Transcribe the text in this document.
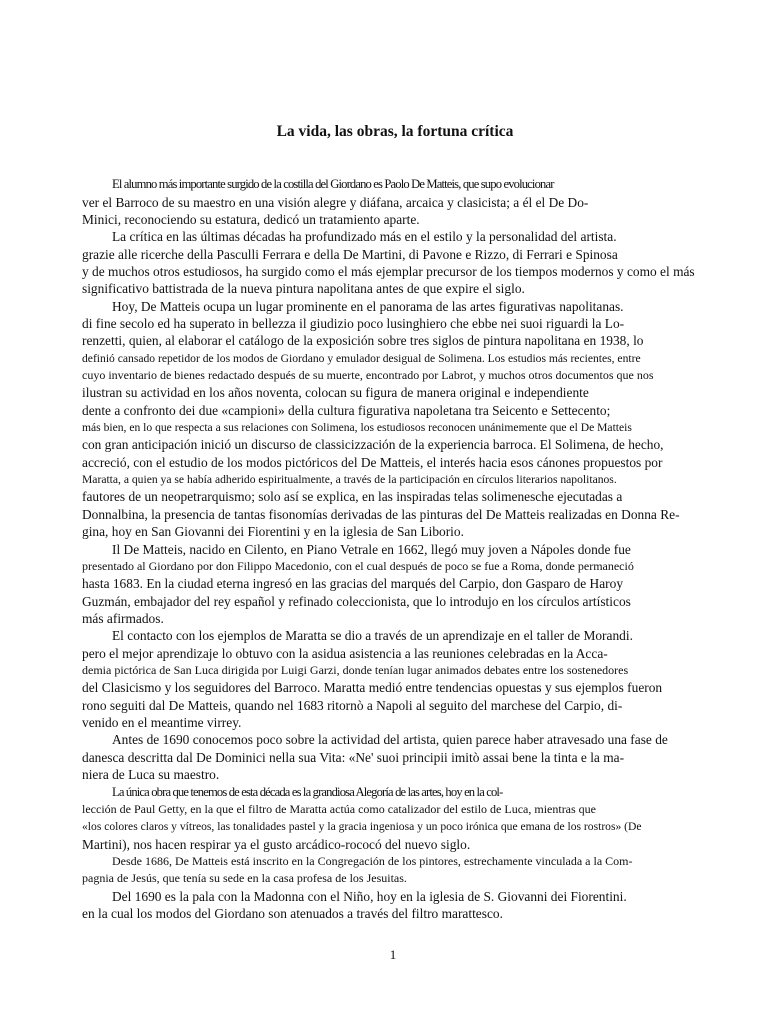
La vida, las obras, la fortuna crítica
El alumno más importante surgido de la costilla del Giordano es Paolo De Matteis, que supo evolucionar
ver el Barroco de su maestro en una visión alegre y diáfana, arcaica y clasicista; a él el De Do-
Minici, reconociendo su estatura, dedicó un tratamiento aparte.
La crítica en las últimas décadas ha profundizado más en el estilo y la personalidad del artista.
grazie alle ricerche della Pasculli Ferrara e della De Martini, di Pavone e Rizzo, di Ferrari e Spinosa
y de muchos otros estudiosos, ha surgido como el más ejemplar precursor de los tiempos modernos y como el más
significativo battistrada de la nueva pintura napolitana antes de que expire el siglo.
Hoy, De Matteis ocupa un lugar prominente en el panorama de las artes figurativas napolitanas.
di fine secolo ed ha superato in bellezza il giudizio poco lusinghiero che ebbe nei suoi riguardi la Lo-
renzetti, quien, al elaborar el catálogo de la exposición sobre tres siglos de pintura napolitana en 1938, lo
definió cansado repetidor de los modos de Giordano y emulador desigual de Solimena. Los estudios más recientes, entre
cuyo inventario de bienes redactado después de su muerte, encontrado por Labrot, y muchos otros documentos que nos
ilustran su actividad en los años noventa, colocan su figura de manera original e independiente
dente a confronto dei due «campioni» della cultura figurativa napoletana tra Seicento e Settecento;
más bien, en lo que respecta a sus relaciones con Solimena, los estudiosos reconocen unánimemente que el De Matteis
con gran anticipación inició un discurso de classicizzación de la experiencia barroca. El Solimena, de hecho,
accreció, con el estudio de los modos pictóricos del De Matteis, el interés hacia esos cánones propuestos por
Maratta, a quien ya se había adherido espiritualmente, a través de la participación en círculos literarios napolitanos.
fautores de un neopetrarquismo; solo así se explica, en las inspiradas telas solimenesche ejecutadas a
Donnalbina, la presencia de tantas fisonomías derivadas de las pinturas del De Matteis realizadas en Donna Re-
gina, hoy en San Giovanni dei Fiorentini y en la iglesia de San Liborio.
Il De Matteis, nacido en Cilento, en Piano Vetrale en 1662, llegó muy joven a Nápoles donde fue
presentado al Giordano por don Filippo Macedonio, con el cual después de poco se fue a Roma, donde permaneció
hasta 1683. En la ciudad eterna ingresó en las gracias del marqués del Carpio, don Gasparo de Haroy
Guzmán, embajador del rey español y refinado coleccionista, que lo introdujo en los círculos artísticos
más afirmados.
El contacto con los ejemplos de Maratta se dio a través de un aprendizaje en el taller de Morandi.
pero el mejor aprendizaje lo obtuvo con la asidua asistencia a las reuniones celebradas en la Acca-
demia pictórica de San Luca dirigida por Luigi Garzi, donde tenían lugar animados debates entre los sostenedores
del Clasicismo y los seguidores del Barroco. Maratta medió entre tendencias opuestas y sus ejemplos fueron
rono seguiti dal De Matteis, quando nel 1683 ritornò a Napoli al seguito del marchese del Carpio, di-
venido en el meantime virrey.
Antes de 1690 conocemos poco sobre la actividad del artista, quien parece haber atravesado una fase de
danesca descritta dal De Dominici nella sua Vita: «Ne' suoi principii imitò assai bene la tinta e la ma-
niera de Luca su maestro.
La única obra que tenemos de esta década es la grandiosa Alegoría de las artes, hoy en la col-
lección de Paul Getty, en la que el filtro de Maratta actúa como catalizador del estilo de Luca, mientras que
«los colores claros y vítreos, las tonalidades pastel y la gracia ingeniosa y un poco irónica que emana de los rostros» (De
Martini), nos hacen respirar ya el gusto arcádico-rococó del nuevo siglo.
Desde 1686, De Matteis está inscrito en la Congregación de los pintores, estrechamente vinculada a la Com-
pagnia de Jesús, que tenía su sede en la casa profesa de los Jesuitas.
Del 1690 es la pala con la Madonna con el Niño, hoy en la iglesia de S. Giovanni dei Fiorentini.
en la cual los modos del Giordano son atenuados a través del filtro marattesco.
1
